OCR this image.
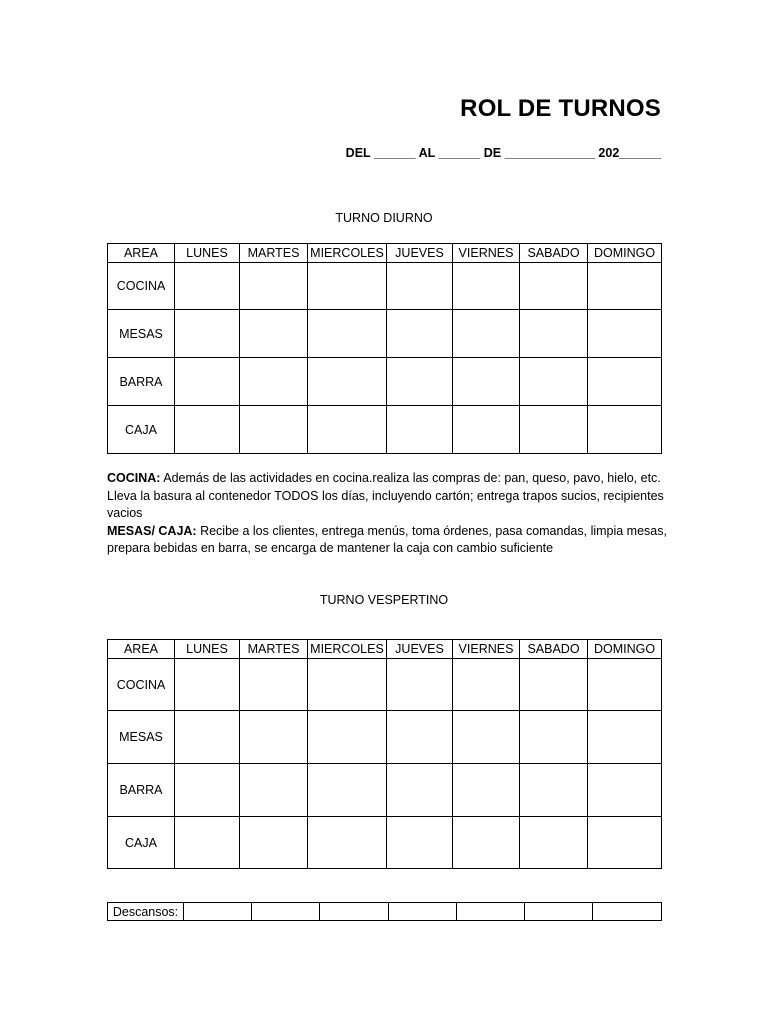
ROL DE TURNOS
DEL ______ AL ______ DE _____________ 202______
TURNO DIURNO
AREA	LUNES	MARTES	MIERCOLES	JUEVES	VIERNES	SABADO	DOMINGO
COCINA							
MESAS							
BARRA							
CAJA							

COCINA: Además de las actividades en cocina.realiza las compras de: pan, queso, pavo, hielo, etc. Lleva la basura al contenedor TODOS los días, incluyendo cartón; entrega trapos sucios, recipientes vacios

MESAS/ CAJA: Recibe a los clientes, entrega menús, toma órdenes, pasa comandas, limpia mesas, prepara bebidas en barra, se encarga de mantener la caja con cambio suficiente

TURNO VESPERTINO
AREA	LUNES	MARTES	MIERCOLES	JUEVES	VIERNES	SABADO	DOMINGO
COCINA							
MESAS							
BARRA							
CAJA							
Descansos:							
